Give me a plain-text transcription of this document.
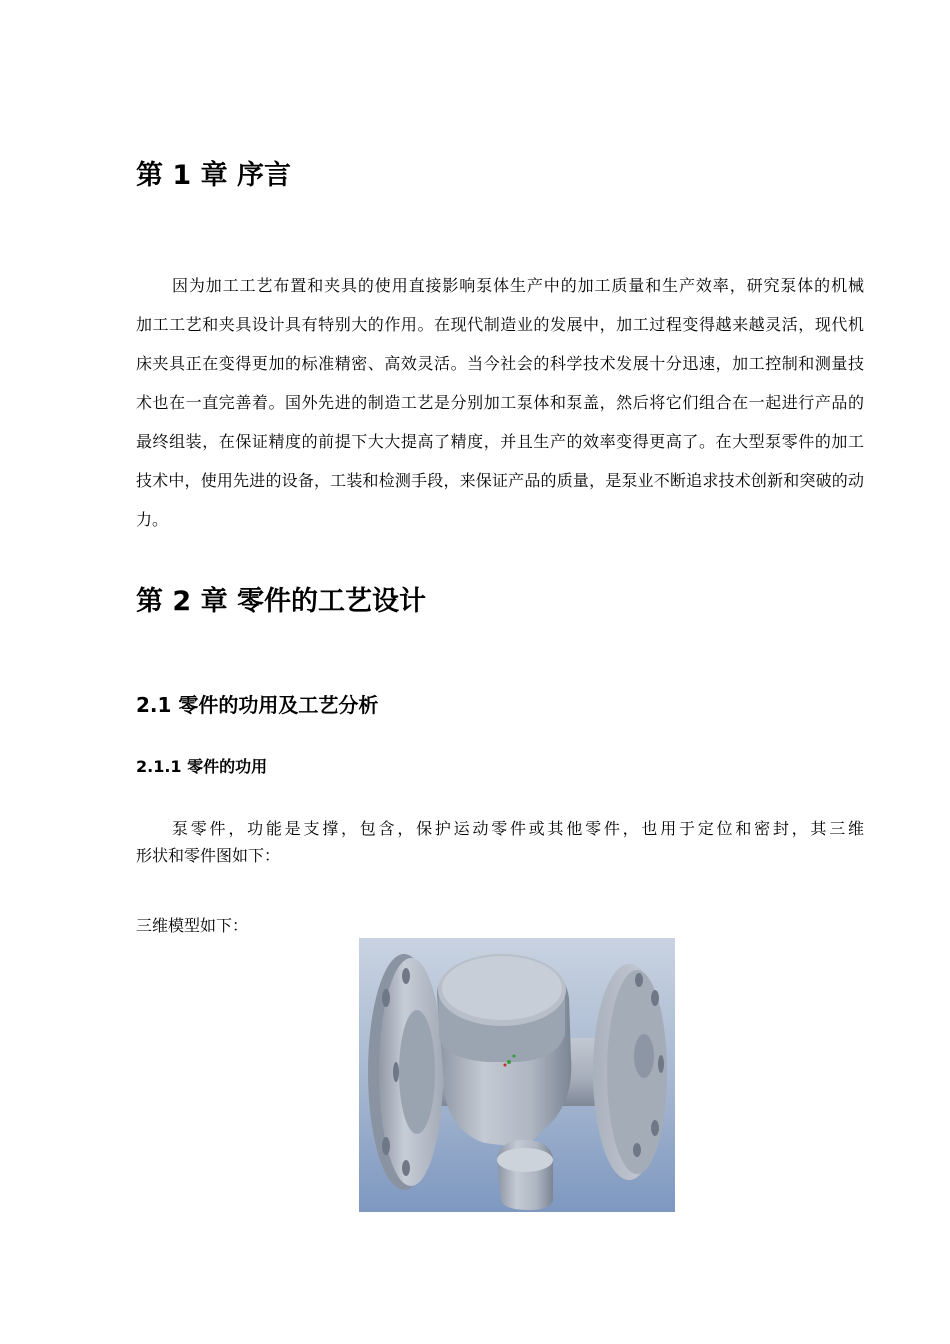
第 1 章 序言
因为加工工艺布置和夹具的使用直接影响泵体生产中的加工质量和生产效率，研究泵体的机械
加工工艺和夹具设计具有特别大的作用。在现代制造业的发展中，加工过程变得越来越灵活，现代机
床夹具正在变得更加的标准精密、高效灵活。当今社会的科学技术发展十分迅速，加工控制和测量技
术也在一直完善着。国外先进的制造工艺是分别加工泵体和泵盖，然后将它们组合在一起进行产品的
最终组装，在保证精度的前提下大大提高了精度，并且生产的效率变得更高了。在大型泵零件的加工
技术中，使用先进的设备，工装和检测手段，来保证产品的质量，是泵业不断追求技术创新和突破的动
力。
第 2 章 零件的工艺设计
2.1 零件的功用及工艺分析
2.1.1 零件的功用
泵零件，功能是支撑，包含，保护运动零件或其他零件，也用于定位和密封，其三维
形状和零件图如下：

三维模型如下：
